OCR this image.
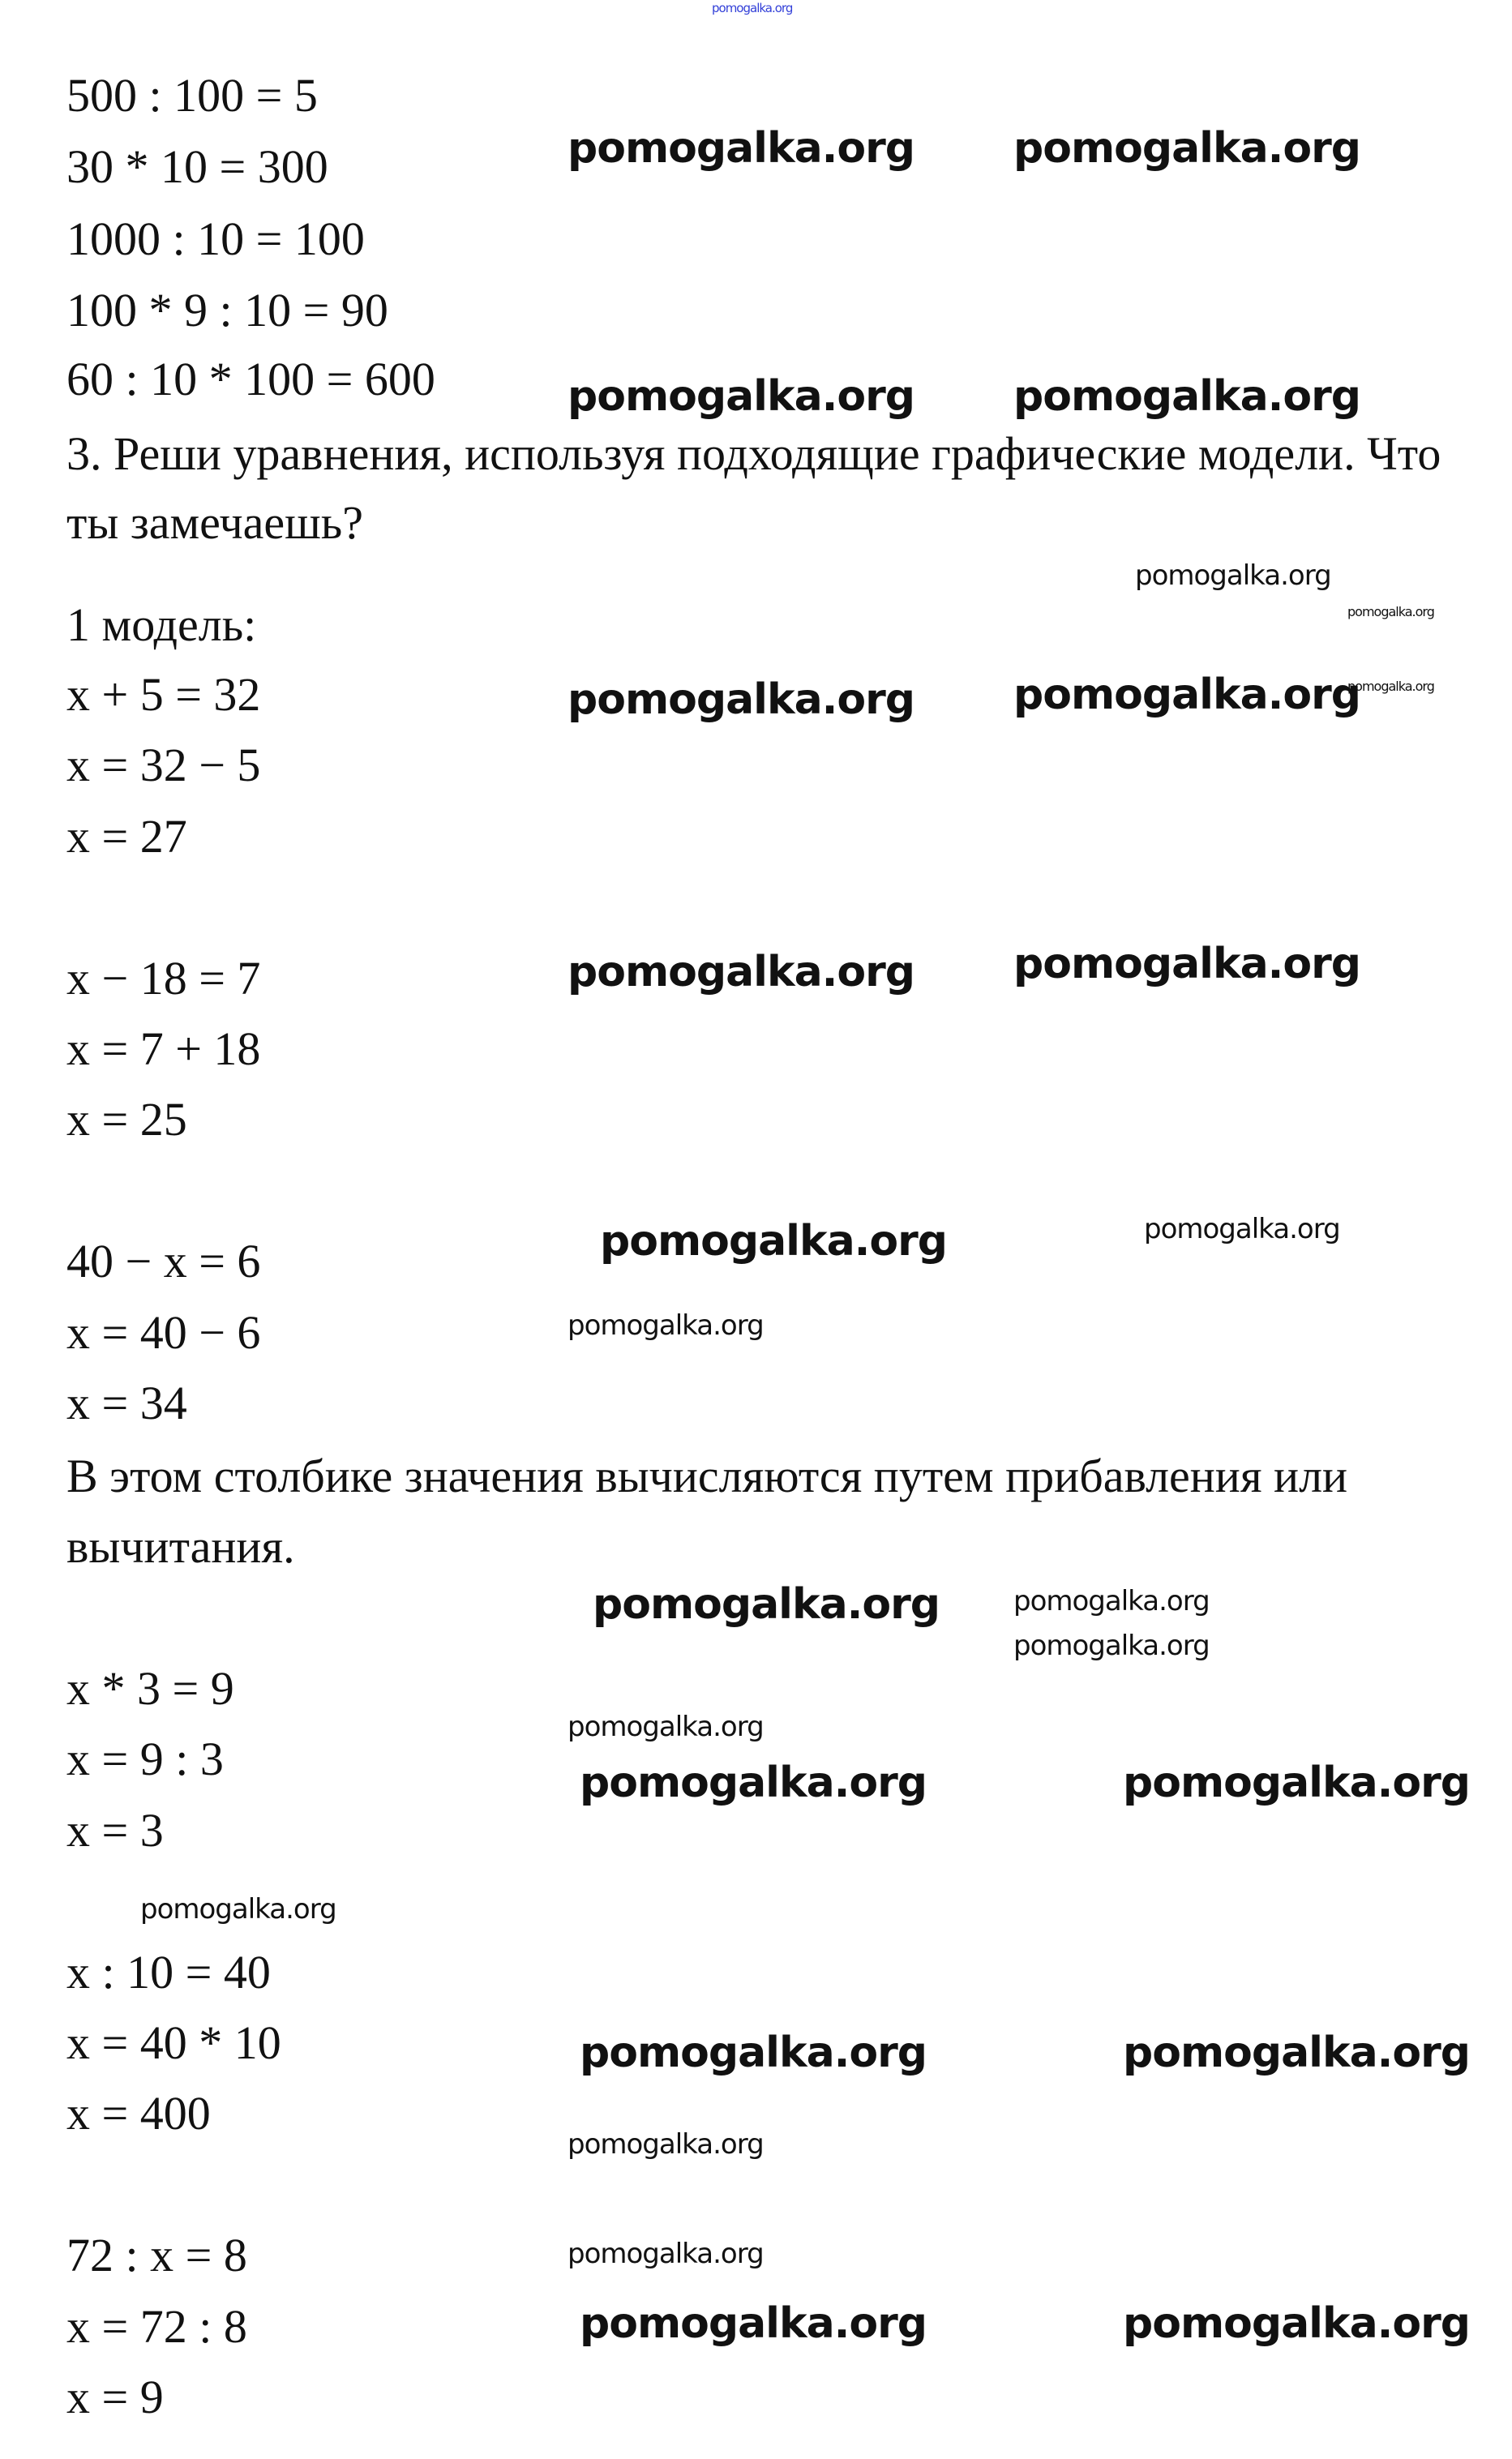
500 : 100 = 5
30 * 10 = 300
1000 : 10 = 100
100 * 9 : 10 = 90
60 : 10 * 100 = 600
3. Реши уравнения, используя подходящие графические модели. Что
ты замечаешь?
1 модель:
x + 5 = 32
x = 32 − 5
x = 27
x − 18 = 7
x = 7 + 18
x = 25
40 − x = 6
x = 40 − 6
x = 34
В этом столбике значения вычисляются путем прибавления или
вычитания.
x * 3 = 9
x = 9 : 3
x = 3
x : 10 = 40
x = 40 * 10
x = 400
72 : x = 8
x = 72 : 8
x = 9
pomogalka.org
pomogalka.org pomogalka.org
pomogalka.org pomogalka.org
pomogalka.org pomogalka.org
pomogalka.org pomogalka.org
pomogalka.org
pomogalka.org
pomogalka.org	pomogalka.org
pomogalka.org	pomogalka.org
pomogalka.org	pomogalka.org
pomogalka.org
pomogalka.org
pomogalka.org
pomogalka.org
pomogalka.org
pomogalka.org
pomogalka.org
pomogalka.org
pomogalka.org
pomogalka.org
pomogalka.org
